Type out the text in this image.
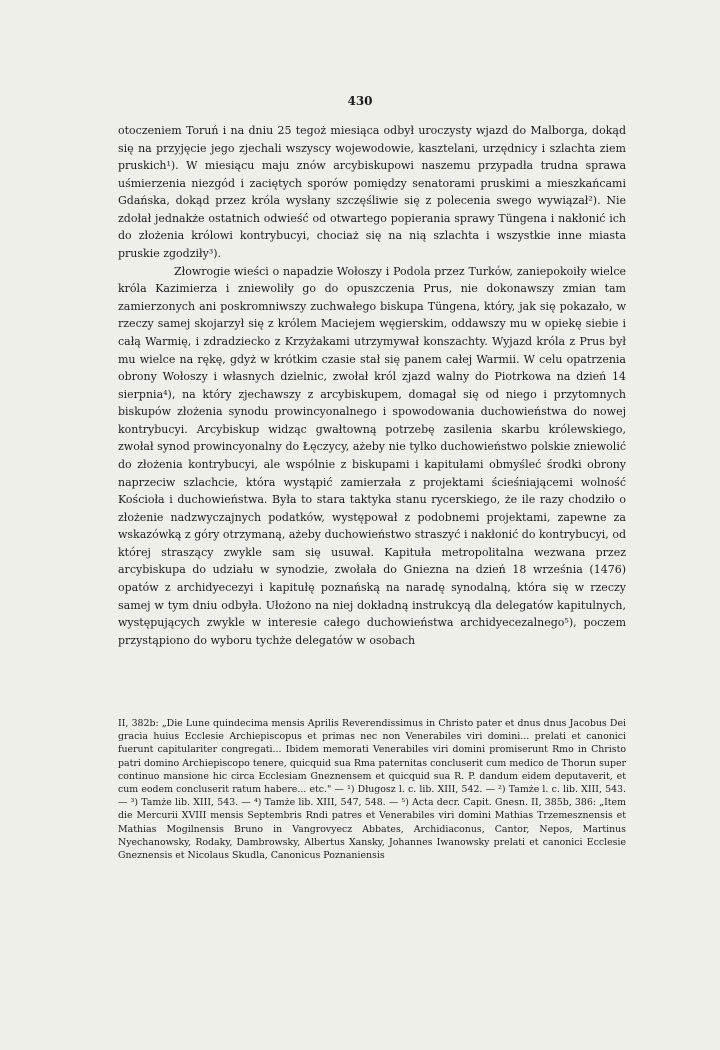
430

otoczeniem Toruń i na dniu 25 tegoż miesiąca odbył uroczysty wjazd do Malborga, dokąd się na przyjęcie jego zjechali wszyscy wojewodowie, kasztelani, urzędnicy i szlachta ziem pruskich¹). W miesiącu maju znów arcybiskupowi naszemu przypadła trudna sprawa uśmierzenia niezgód i zaciętych sporów pomiędzy senatorami pruskimi a mieszkańcami Gdańska, dokąd przez króla wysłany szczęśliwie się z polecenia swego wywiązał²). Nie zdołał jednakże ostatnich odwieść od otwartego popierania sprawy Tüngena i nakłonić ich do złożenia królowi kontrybucyi, chociaż się na nią szlachta i wszystkie inne miasta pruskie zgodziły³).

Złowrogie wieści o napadzie Wołoszy i Podola przez Turków, zaniepokoiły wielce króla Kazimierza i zniewoliły go do opuszczenia Prus, nie dokonawszy zmian tam zamierzonych ani poskromniwszy zuchwałego biskupa Tüngena, który, jak się pokazało, w rzeczy samej skojarzył się z królem Maciejem węgierskim, oddawszy mu w opiekę siebie i całą Warmię, i zdradziecko z Krzyżakami utrzymywał konszachty. Wyjazd króla z Prus był mu wielce na rękę, gdyż w krótkim czasie stał się panem całej Warmii. W celu opatrzenia obrony Wołoszy i własnych dzielnic, zwołał król zjazd walny do Piotrkowa na dzień 14 sierpnia⁴), na który zjechawszy z arcybiskupem, domagał się od niego i przytomnych biskupów złożenia synodu prowincyonalnego i spowodowania duchowieństwa do nowej kontrybucyi. Arcybiskup widząc gwałtowną potrzebę zasilenia skarbu królewskiego, zwołał synod prowincyonalny do Łęczycy, ażeby nie tylko duchowieństwo polskie zniewolić do złożenia kontrybucyi, ale wspólnie z biskupami i kapitułami obmyśleć środki obrony naprzeciw szlachcie, która wystąpić zamierzała z projektami ścieśniającemi wolność Kościoła i duchowieństwa. Była to stara taktyka stanu rycerskiego, że ile razy chodziło o złożenie nadzwyczajnych podatków, występował z podobnemi projektami, zapewne za wskazówką z góry otrzymaną, ażeby duchowieństwo straszyć i nakłonić do kontrybucyi, od której straszący zwykle sam się usuwał. Kapituła metropolitalna wezwana przez arcybiskupa do udziału w synodzie, zwołała do Gniezna na dzień 18 września (1476) opatów z archidyecezyi i kapitułę poznańską na naradę synodalną, która się w rzeczy samej w tym dniu odbyła. Ułożono na niej dokładną instrukcyą dla delegatów kapitulnych, występujących zwykle w interesie całego duchowieństwa archidyecezalnego⁵), poczem przystąpiono do wyboru tychże delegatów w osobach

II, 382b: „Die Lune quindecima mensis Aprilis Reverendissimus in Christo pater et dnus dnus Jacobus Dei gracia huius Ecclesie Archiepiscopus et primas nec non Venerabiles viri domini... prelati et canonici fuerunt capitulariter congregati... Ibidem memorati Venerabiles viri domini promiserunt Rmo in Christo patri domino Archiepiscopo tenere, quicquid sua Rma paternitas concluserit cum medico de Thorun super continuo mansione hic circa Ecclesiam Gneznensem et quicquid sua R. P. dandum eidem deputaverit, et cum eodem concluserit ratum habere... etc." — ¹) Długosz l. c. lib. XIII, 542. — ²) Tamże l. c. lib. XIII, 543. — ³) Tamże lib. XIII, 543. — ⁴) Tamże lib. XIII, 547, 548. — ⁵) Acta decr. Capit. Gnesn. II, 385b, 386: „Item die Mercurii XVIII mensis Septembris Rndi patres et Venerabiles viri domini Mathias Trzemesznensis et Mathias Mogilnensis Bruno in Vangrovyecz Abbates, Archidiaconus, Cantor, Nepos, Martinus Nyechanowsky, Rodaky, Dambrowsky, Albertus Xansky, Johannes Iwanowsky prelati et canonici Ecclesie Gneznensis et Nicolaus Skudla, Canonicus Poznaniensis
